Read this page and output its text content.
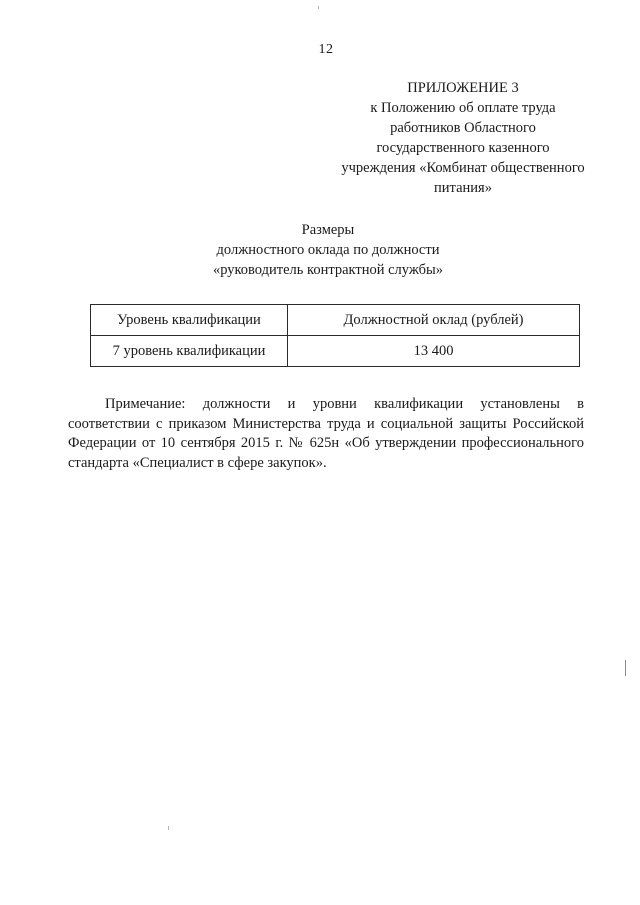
12
ПРИЛОЖЕНИЕ 3
к Положению об оплате труда
работников Областного
государственного казенного
учреждения «Комбинат общественного
питания»
Размеры
должностного оклада по должности
«руководитель контрактной службы»
Уровень квалификации	Должностной оклад (рублей)
7 уровень квалификации	13 400
Примечание: должности и уровни квалификации установлены в соответствии с приказом Министерства труда и социальной защиты Российской Федерации от 10 сентября 2015 г. № 625н «Об утверждении профессионального стандарта «Специалист в сфере закупок».
